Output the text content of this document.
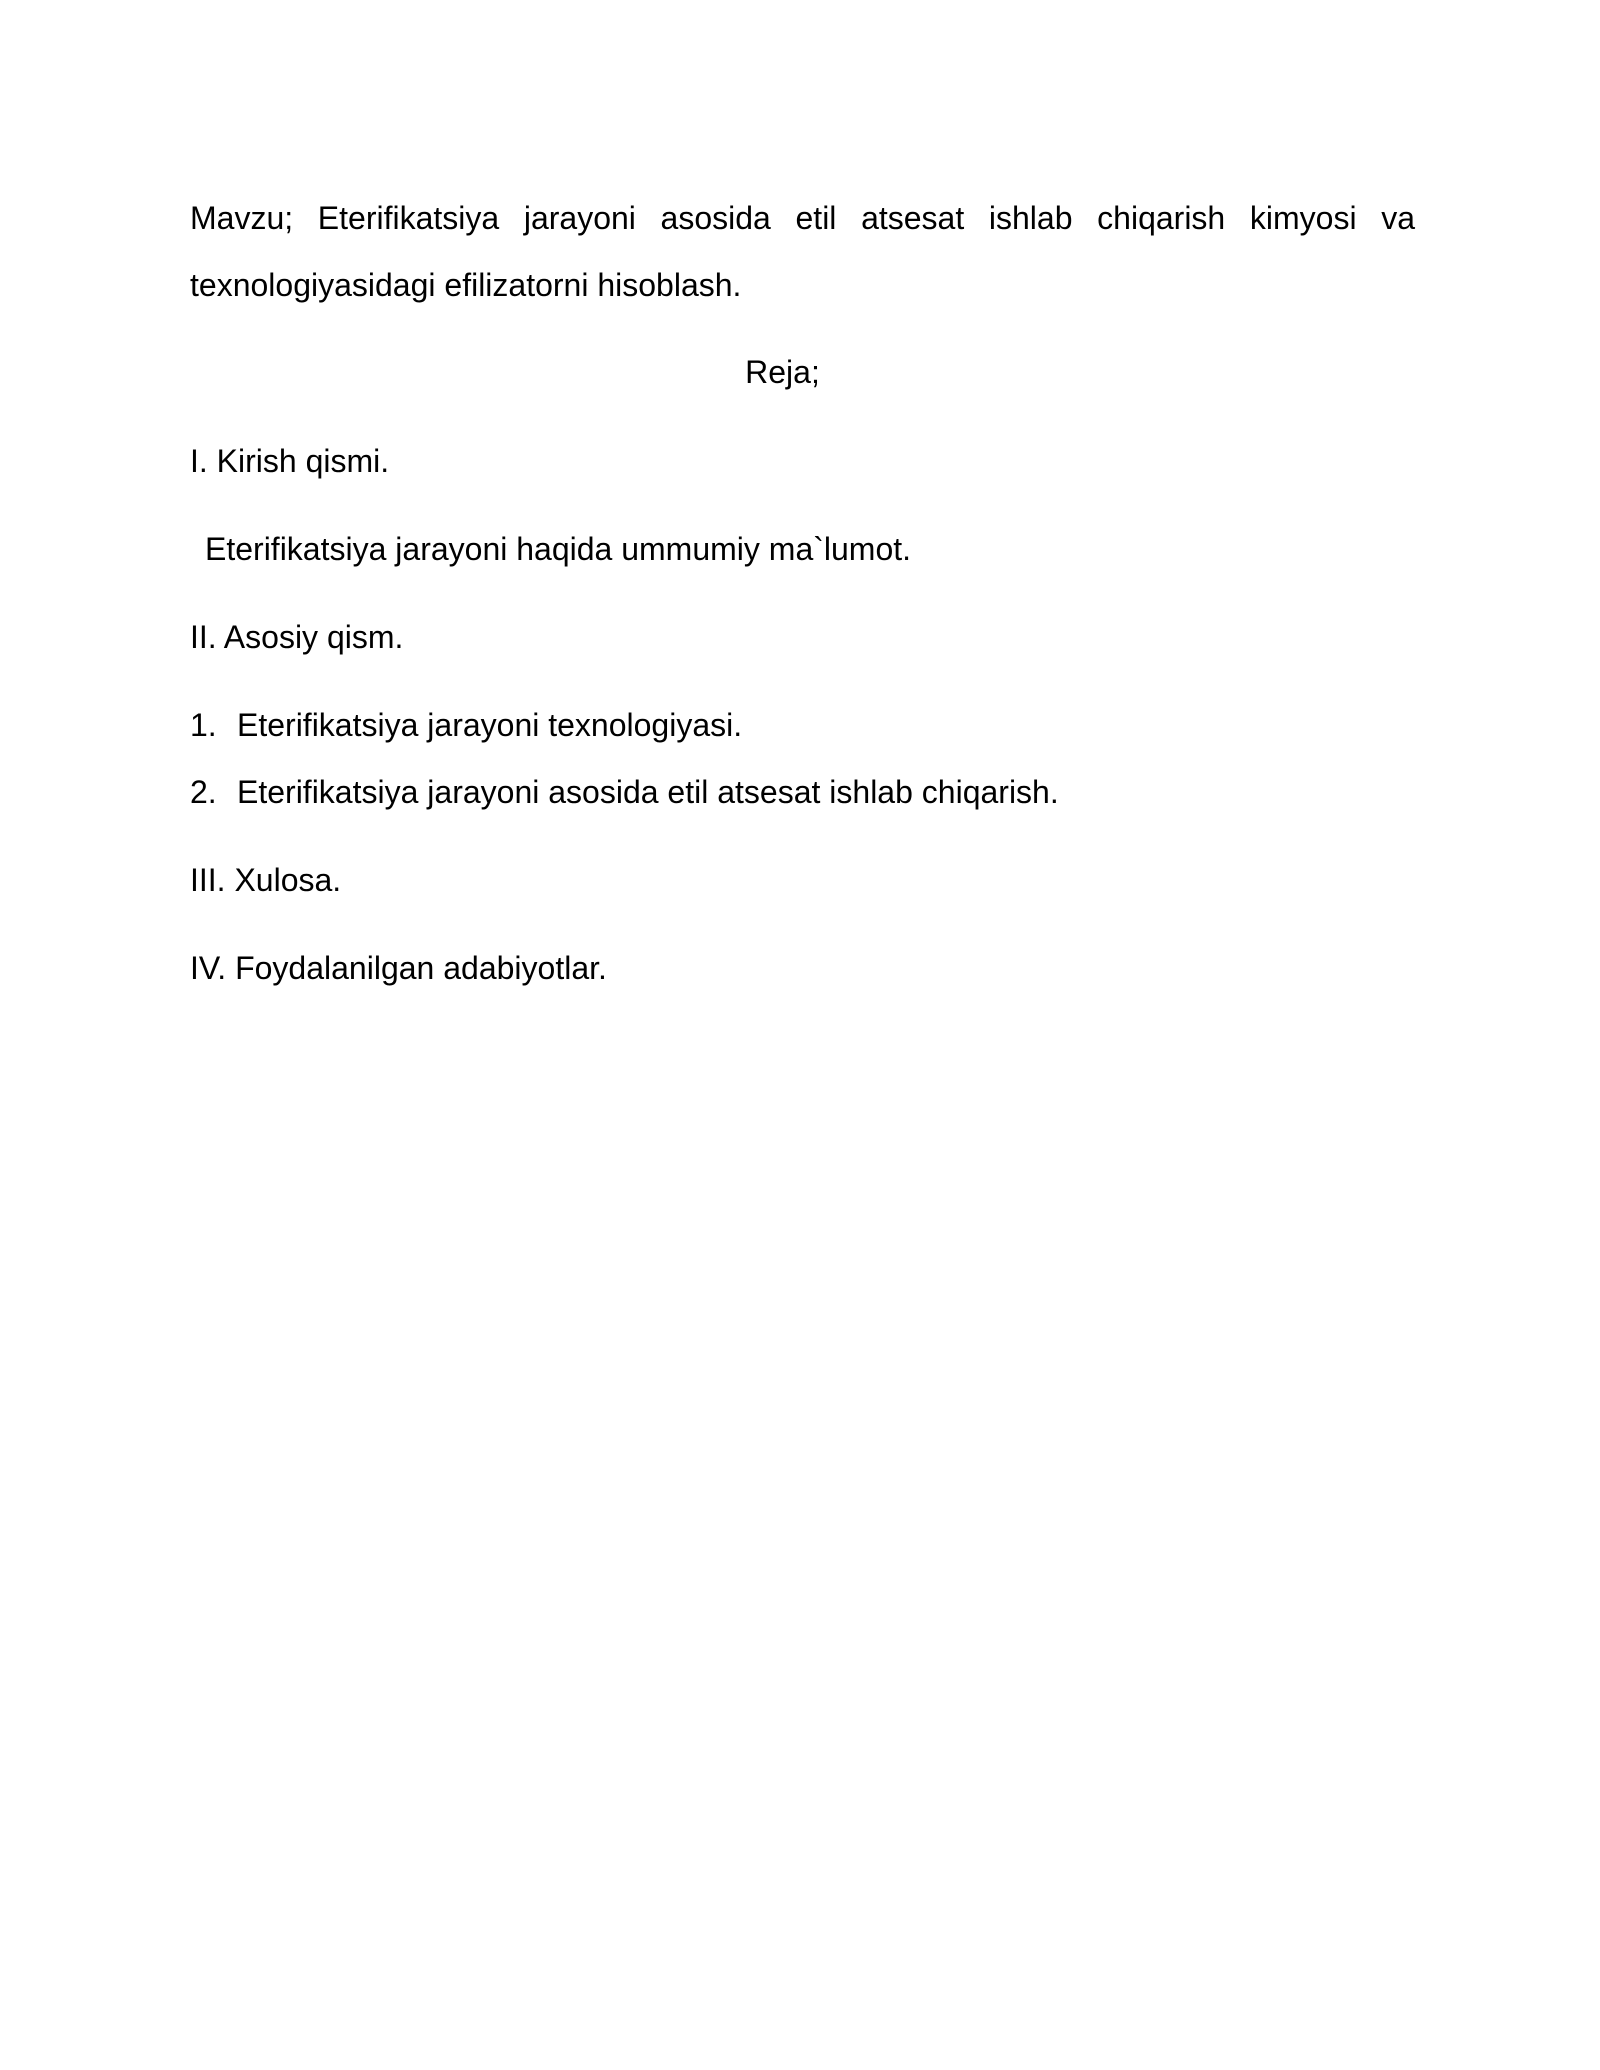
Mavzu; Eterifikatsiya jarayoni asosida etil atsesat ishlab chiqarish kimyosi va texnologiyasidagi efilizatorni hisoblash.

Reja;

I. Kirish qismi.

Eterifikatsiya jarayoni haqida ummumiy ma`lumot.

II. Asosiy qism.

1. Eterifikatsiya jarayoni texnologiyasi.

2. Eterifikatsiya jarayoni asosida etil atsesat ishlab chiqarish.

III. Xulosa.

IV. Foydalanilgan adabiyotlar.
